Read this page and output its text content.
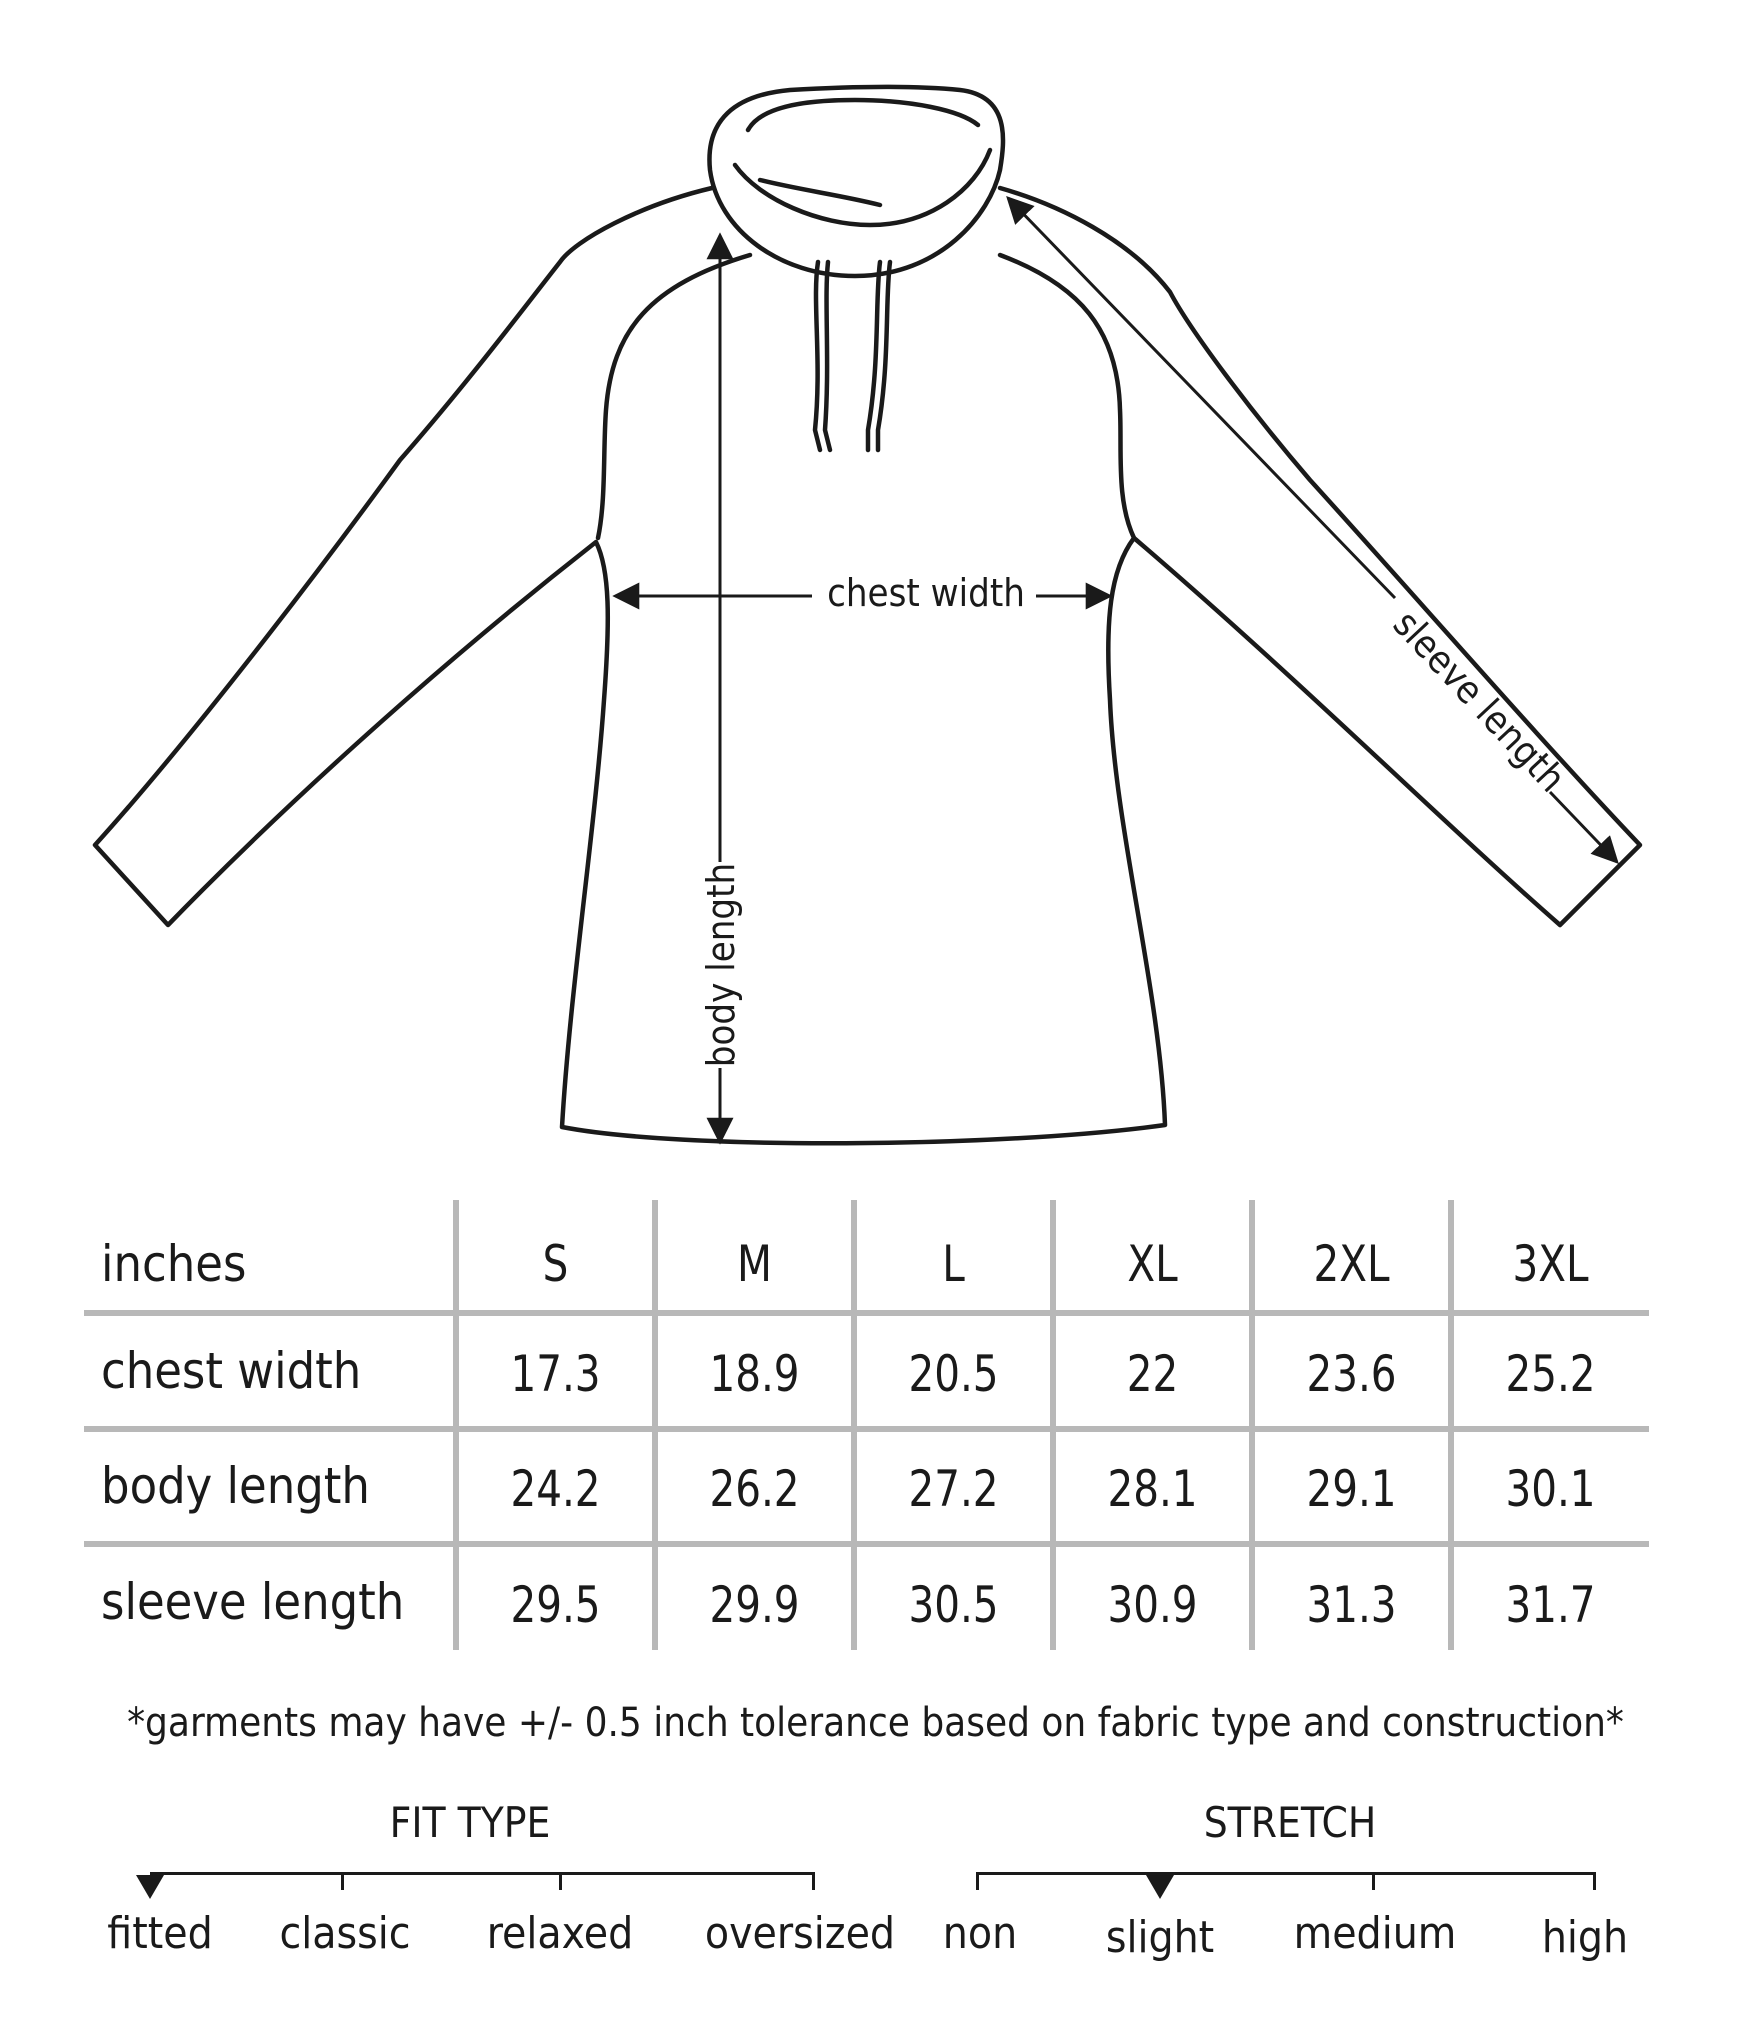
chest width
body length
sleeve length
inches	S	M	L	XL	2XL	3XL
chest width	17.3	18.9	20.5	22	23.6	25.2
body length	24.2	26.2	27.2	28.1	29.1	30.1
sleeve length	29.5	29.9	30.5	30.9	31.3	31.7
*garments may have +/- 0.5 inch tolerance based on fabric type and construction*
FIT TYPE
fitted	classic	relaxed	oversized
STRETCH
non	slight	medium	high
